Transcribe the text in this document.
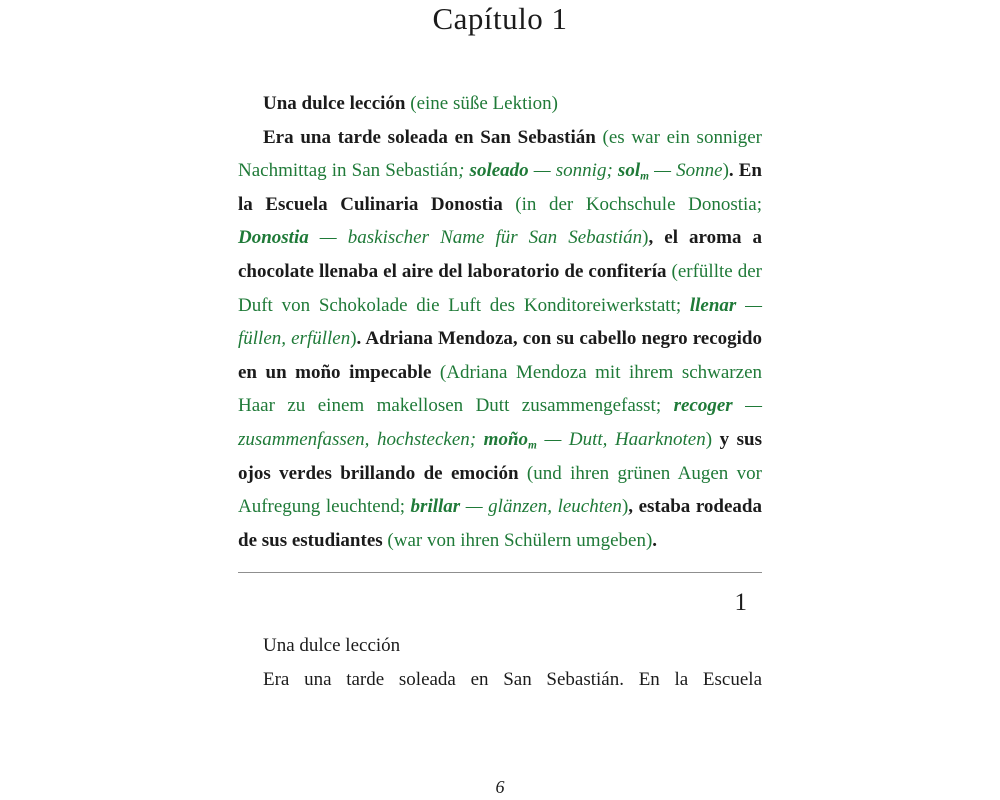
Capítulo 1

Una dulce lección (eine süße Lektion)

Era una tarde soleada en San Sebastián (es war ein sonniger Nachmittag in San Sebastián; soleado — sonnig; solm — Sonne). En la Escuela Culinaria Donostia (in der Kochschule Donostia; Donostia — baskischer Name für San Sebastián), el aroma a chocolate llenaba el aire del laboratorio de confitería (erfüllte der Duft von Schokolade die Luft des Konditoreiwerkstatt; llenar — füllen, erfüllen). Adriana Mendoza, con su cabello negro recogido en un moño impecable (Adriana Mendoza mit ihrem schwarzen Haar zu einem makellosen Dutt zusammengefasst; recoger — zusammenfassen, hochstecken; moñom — Dutt, Haarknoten) y sus ojos verdes brillando de emoción (und ihren grünen Augen vor Aufregung leuchtend; brillar — glänzen, leuchten), estaba rodeada de sus estudiantes (war von ihren Schülern umgeben).

1

Una dulce lección

Era una tarde soleada en San Sebastián. En la Escuela

6
